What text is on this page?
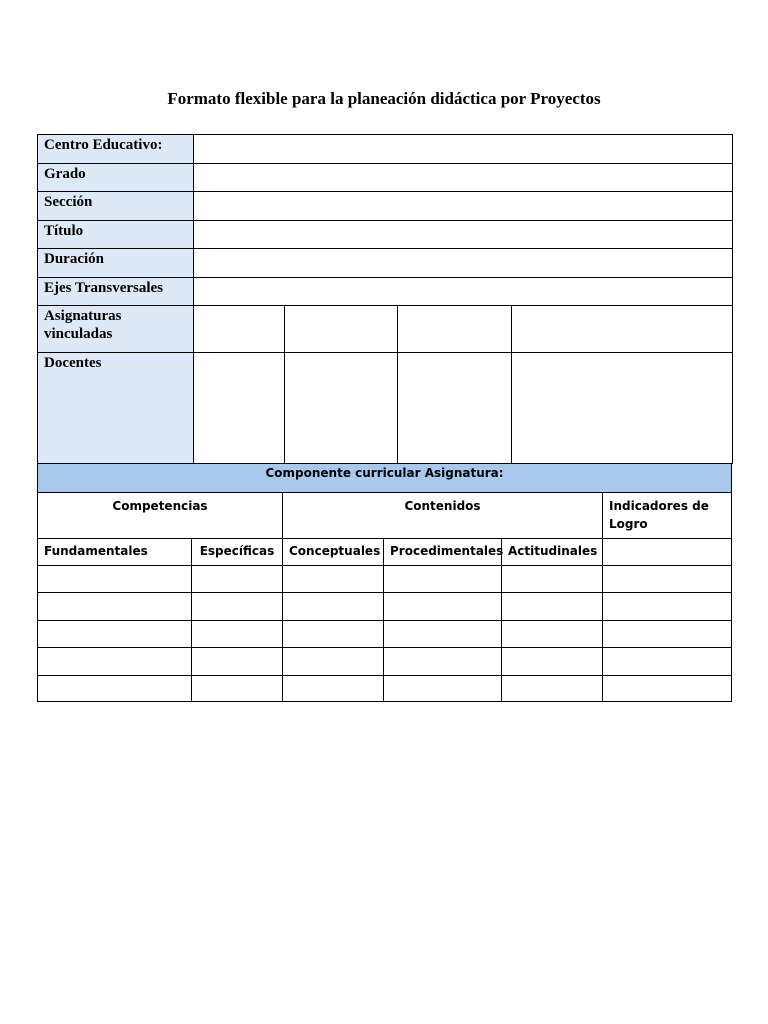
Formato flexible para la planeación didáctica por Proyectos
Centro Educativo:				
Grado				
Sección				
Título				
Duración				
Ejes Transversales				
Asignaturas vinculadas				
Docentes				
Componente curricular Asignatura:					
Competencias		Contenidos			Indicadores de Logro
Fundamentales	Específicas	Conceptuales	Procedimentales	Actitudinales	
